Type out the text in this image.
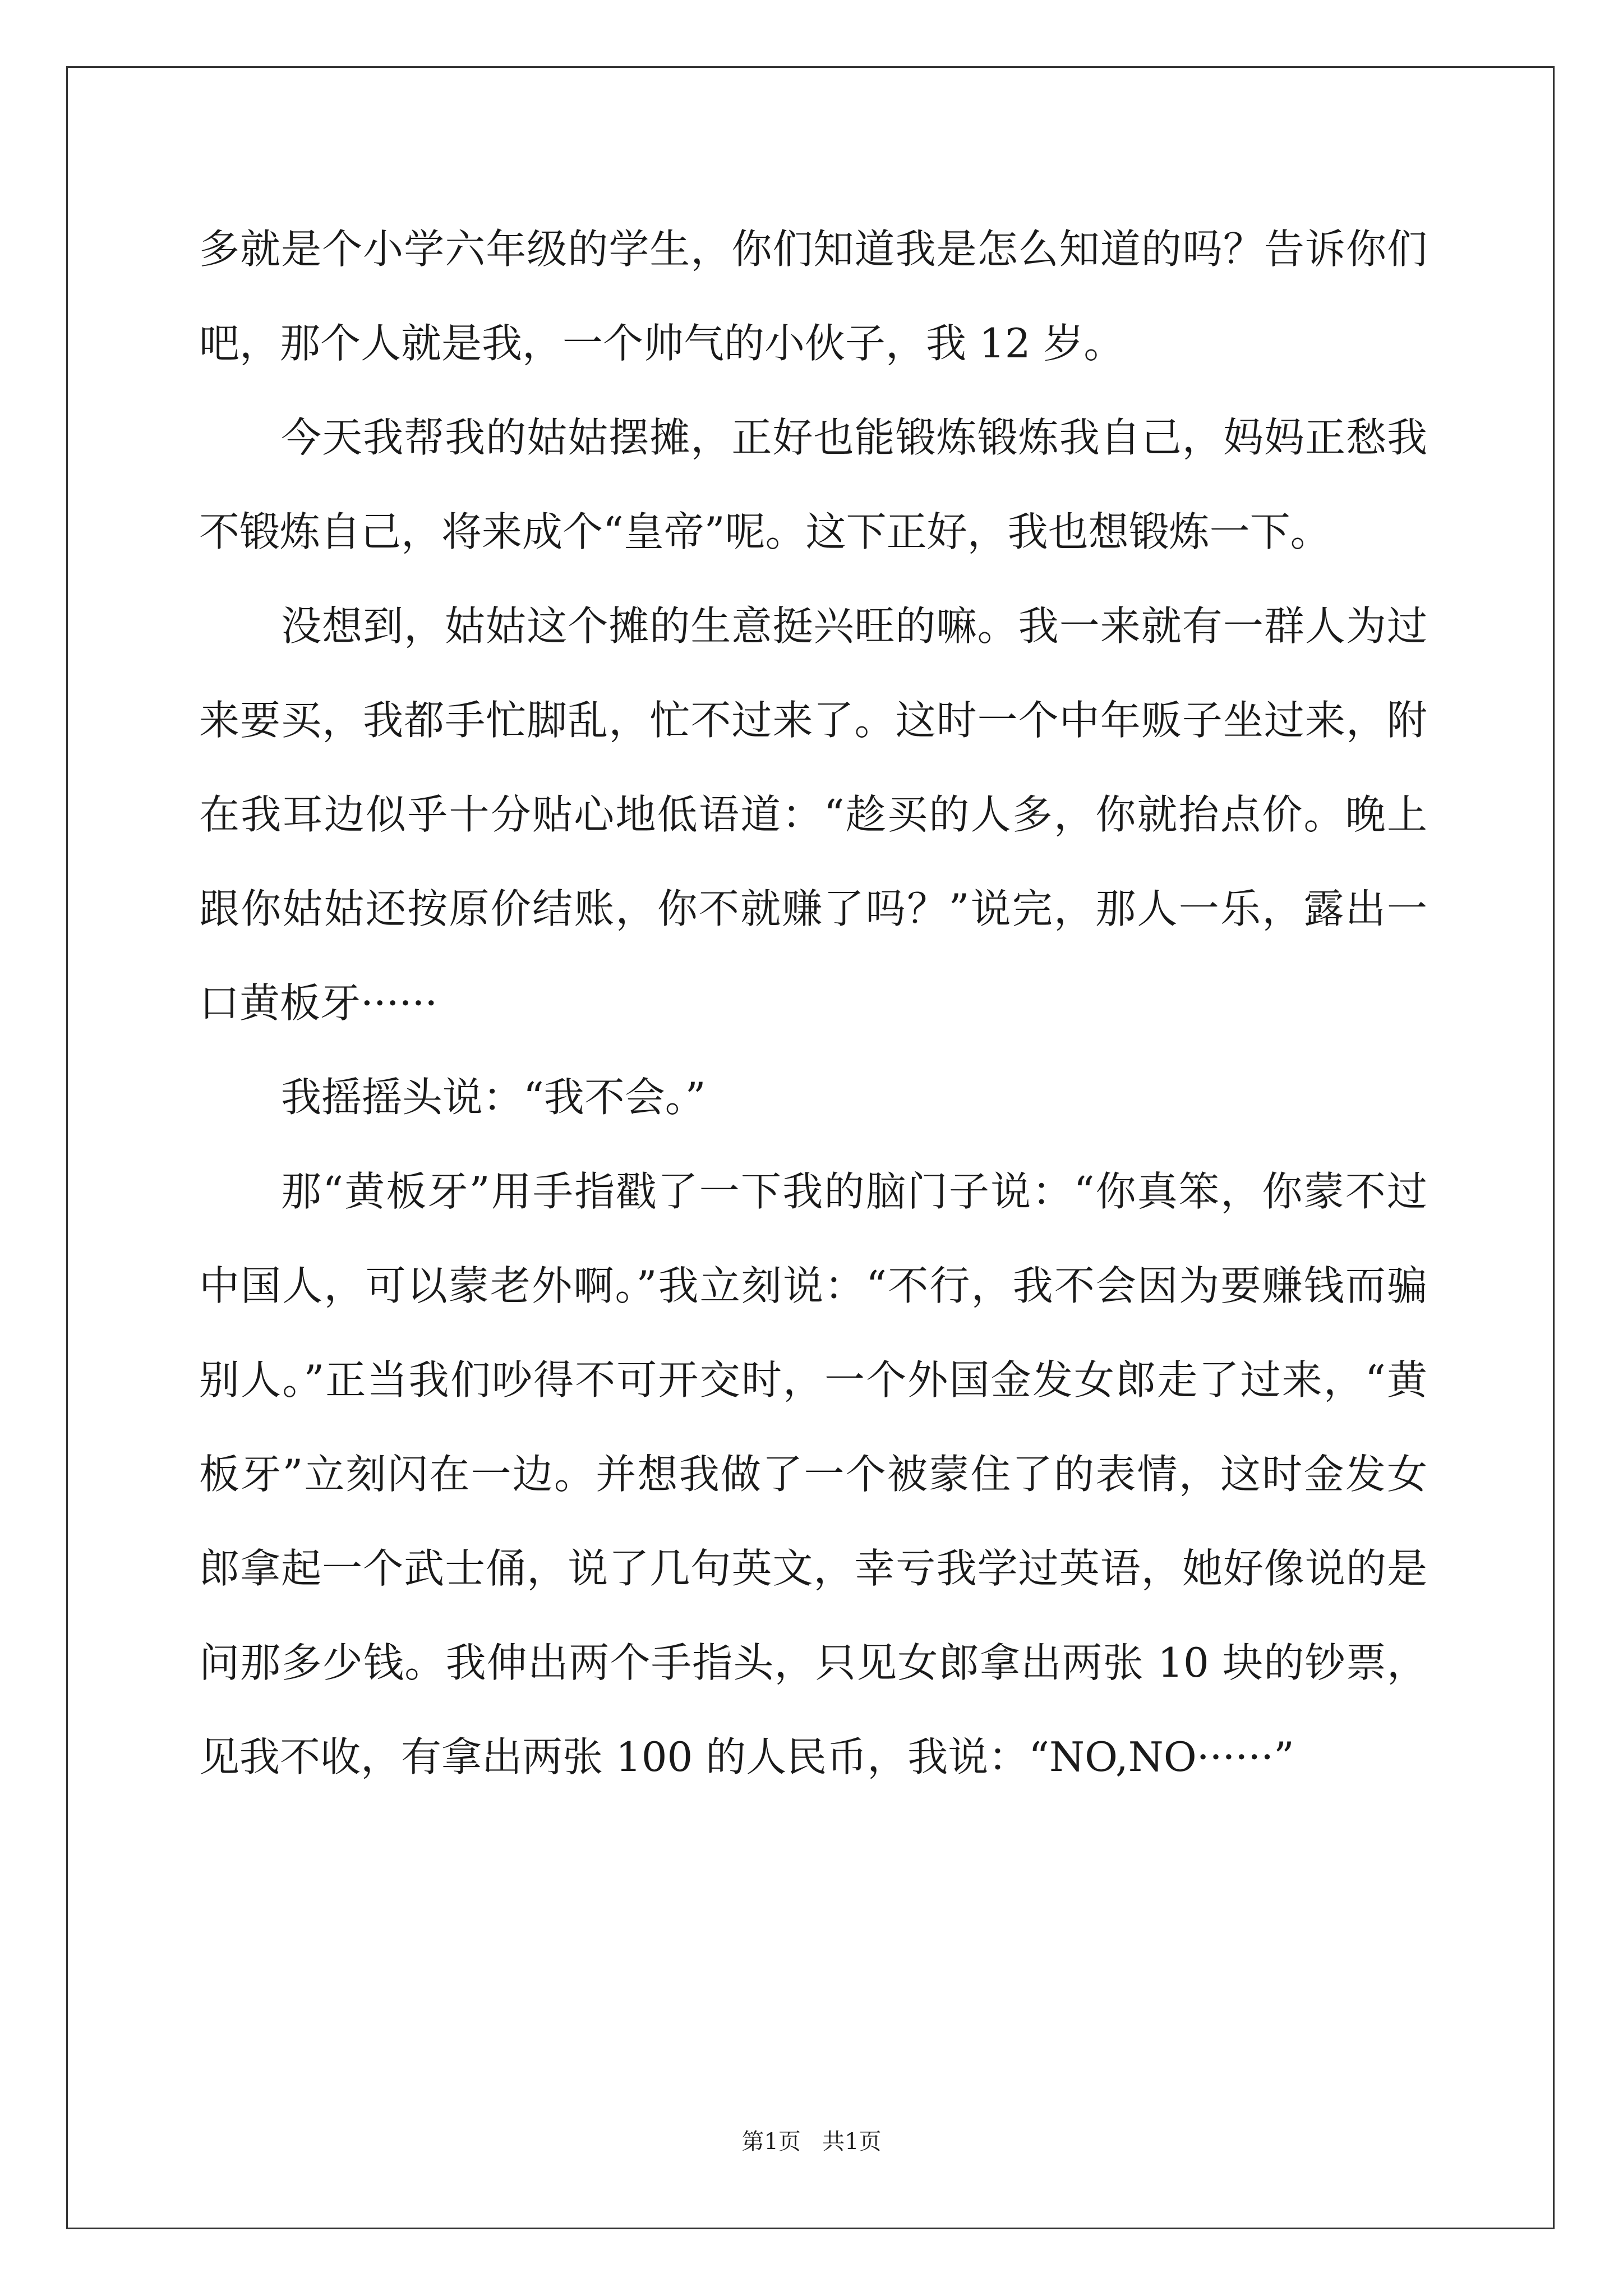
多就是个小学六年级的学生，你们知道我是怎么知道的吗？告诉你们吧，那个人就是我，一个帅气的小伙子，我 12 岁。

今天我帮我的姑姑摆摊，正好也能锻炼锻炼我自己，妈妈正愁我不锻炼自己，将来成个“皇帝”呢。这下正好，我也想锻炼一下。

没想到，姑姑这个摊的生意挺兴旺的嘛。我一来就有一群人为过来要买，我都手忙脚乱，忙不过来了。这时一个中年贩子坐过来，附在我耳边似乎十分贴心地低语道：“趁买的人多，你就抬点价。晚上跟你姑姑还按原价结账，你不就赚了吗？”说完，那人一乐，露出一口黄板牙······

我摇摇头说：“我不会。”

那“黄板牙”用手指戳了一下我的脑门子说：“你真笨，你蒙不过中国人，可以蒙老外啊。”我立刻说：“不行，我不会因为要赚钱而骗别人。”正当我们吵得不可开交时，一个外国金发女郎走了过来，“黄板牙”立刻闪在一边。并想我做了一个被蒙住了的表情，这时金发女郎拿起一个武士俑，说了几句英文，幸亏我学过英语，她好像说的是问那多少钱。我伸出两个手指头，只见女郎拿出两张 10 块的钞票，见我不收，有拿出两张 100 的人民币，我说：“NO,NO······”

第1页 共1页
